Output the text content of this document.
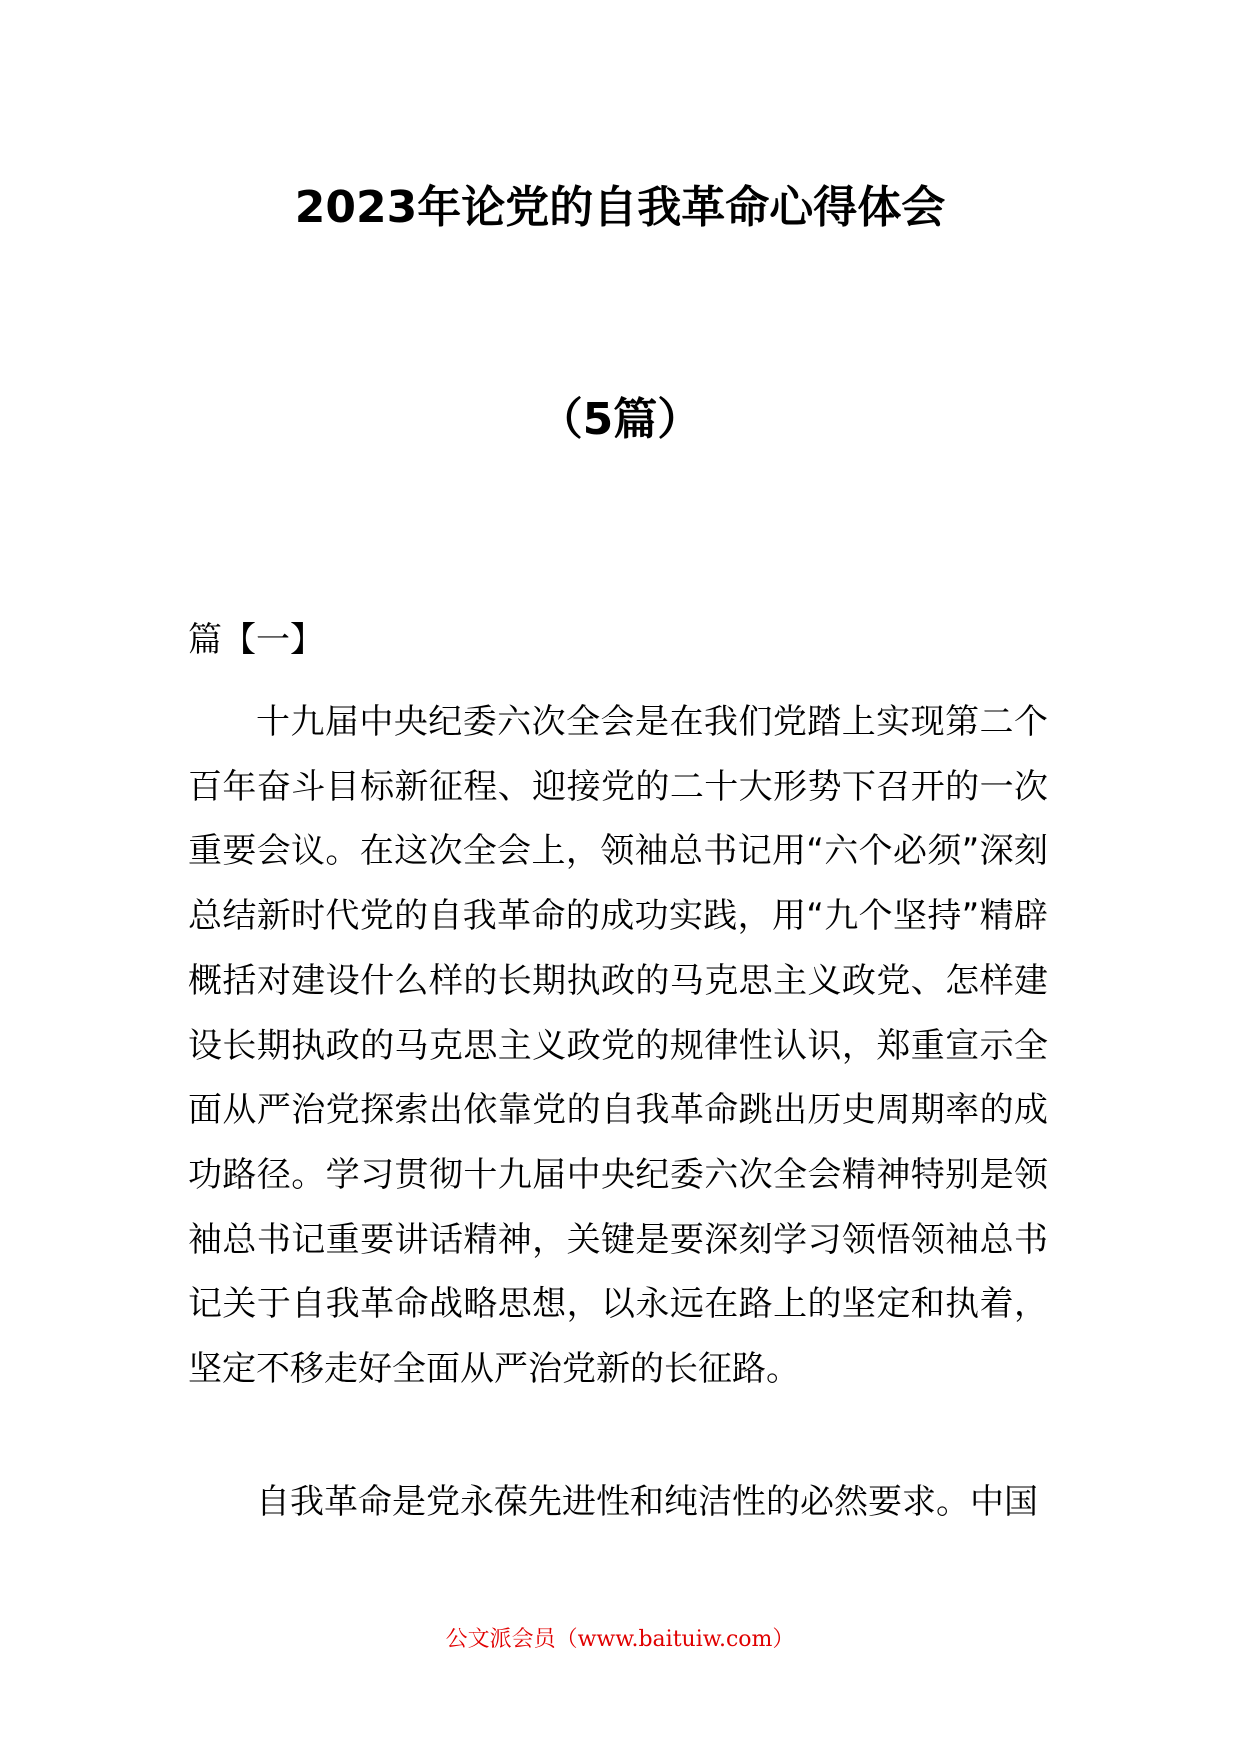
2023年论党的自我革命心得体会
（5篇）
篇【一】

十九届中央纪委六次全会是在我们党踏上实现第二个百年奋斗目标新征程、迎接党的二十大形势下召开的一次重要会议。在这次全会上，领袖总书记用“六个必须”深刻总结新时代党的自我革命的成功实践，用“九个坚持”精辟概括对建设什么样的长期执政的马克思主义政党、怎样建设长期执政的马克思主义政党的规律性认识，郑重宣示全面从严治党探索出依靠党的自我革命跳出历史周期率的成功路径。学习贯彻十九届中央纪委六次全会精神特别是领袖总书记重要讲话精神，关键是要深刻学习领悟领袖总书记关于自我革命战略思想，以永远在路上的坚定和执着，坚定不移走好全面从严治党新的长征路。

自我革命是党永葆先进性和纯洁性的必然要求。中国

公文派会员（www.baituiw.com）
